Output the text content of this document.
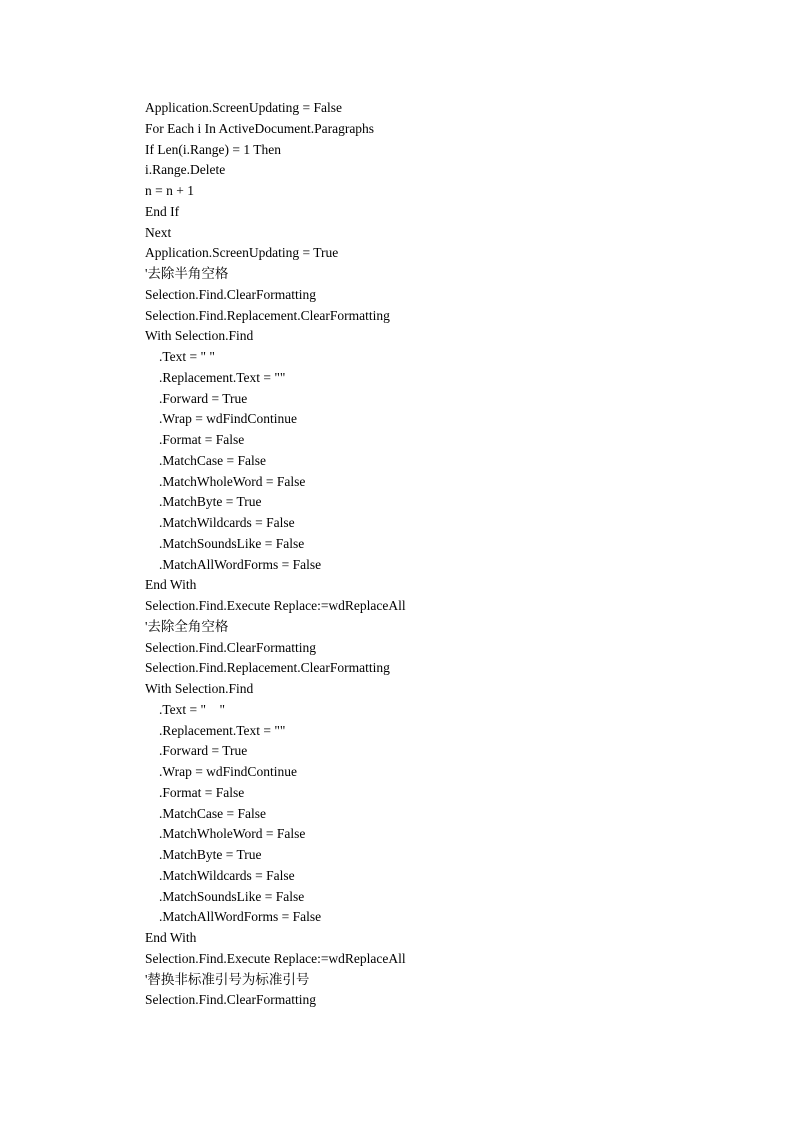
Application.ScreenUpdating = False
For Each i In ActiveDocument.Paragraphs
If Len(i.Range) = 1 Then
i.Range.Delete
n = n + 1
End If
Next
Application.ScreenUpdating = True
'去除半角空格
Selection.Find.ClearFormatting
Selection.Find.Replacement.ClearFormatting
With Selection.Find
.Text = " "
.Replacement.Text = ""
.Forward = True
.Wrap = wdFindContinue
.Format = False
.MatchCase = False
.MatchWholeWord = False
.MatchByte = True
.MatchWildcards = False
.MatchSoundsLike = False
.MatchAllWordForms = False
End With
Selection.Find.Execute Replace:=wdReplaceAll
'去除全角空格
Selection.Find.ClearFormatting
Selection.Find.Replacement.ClearFormatting
With Selection.Find
.Text = "　"
.Replacement.Text = ""
.Forward = True
.Wrap = wdFindContinue
.Format = False
.MatchCase = False
.MatchWholeWord = False
.MatchByte = True
.MatchWildcards = False
.MatchSoundsLike = False
.MatchAllWordForms = False
End With
Selection.Find.Execute Replace:=wdReplaceAll
'替换非标准引号为标准引号
Selection.Find.ClearFormatting
